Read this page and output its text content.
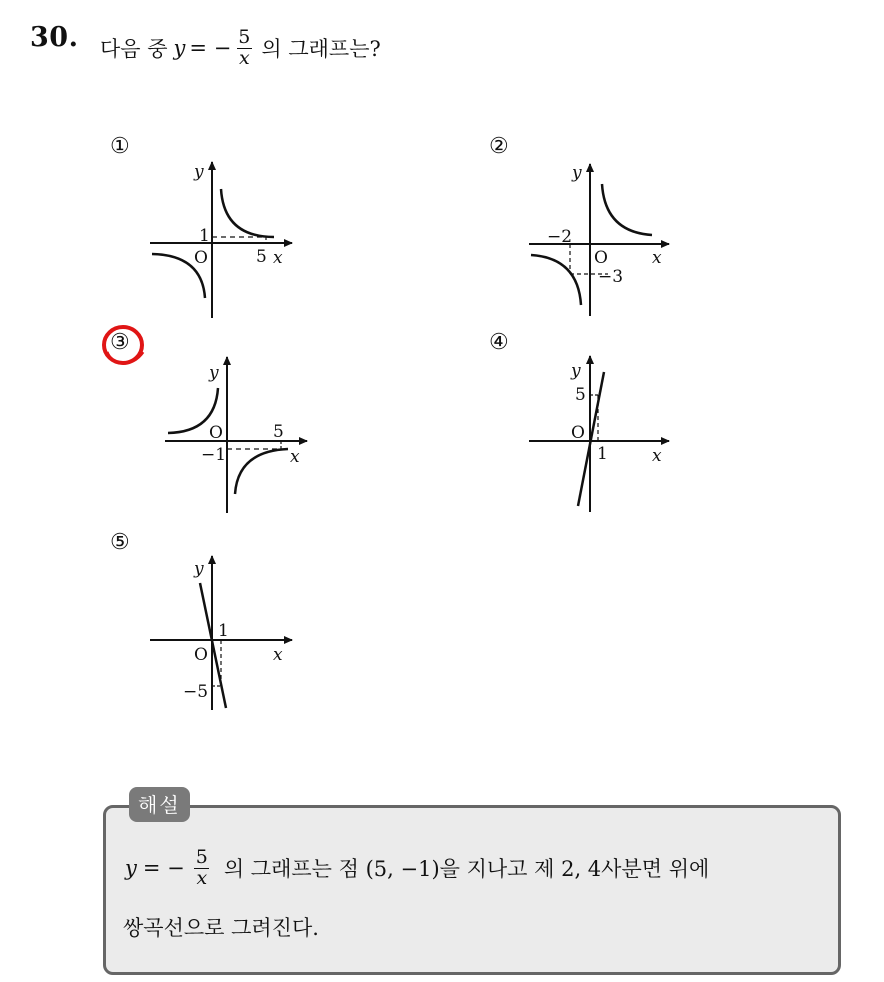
30. 다음 중 y = − $\frac{5}{x}$ 의 그래프는?
①	②
③	④
⑤
y
1
O	5 x
y
−2
O
−3
x
y
O	5
−1	x
y
5
O
1	x
y
1
O
−5
x
해설
y = − $\frac{5}{x}$ 의 그래프는 점 (5, −1)을 지나고 제 2, 4사분면 위에
쌍곡선으로 그려진다.
